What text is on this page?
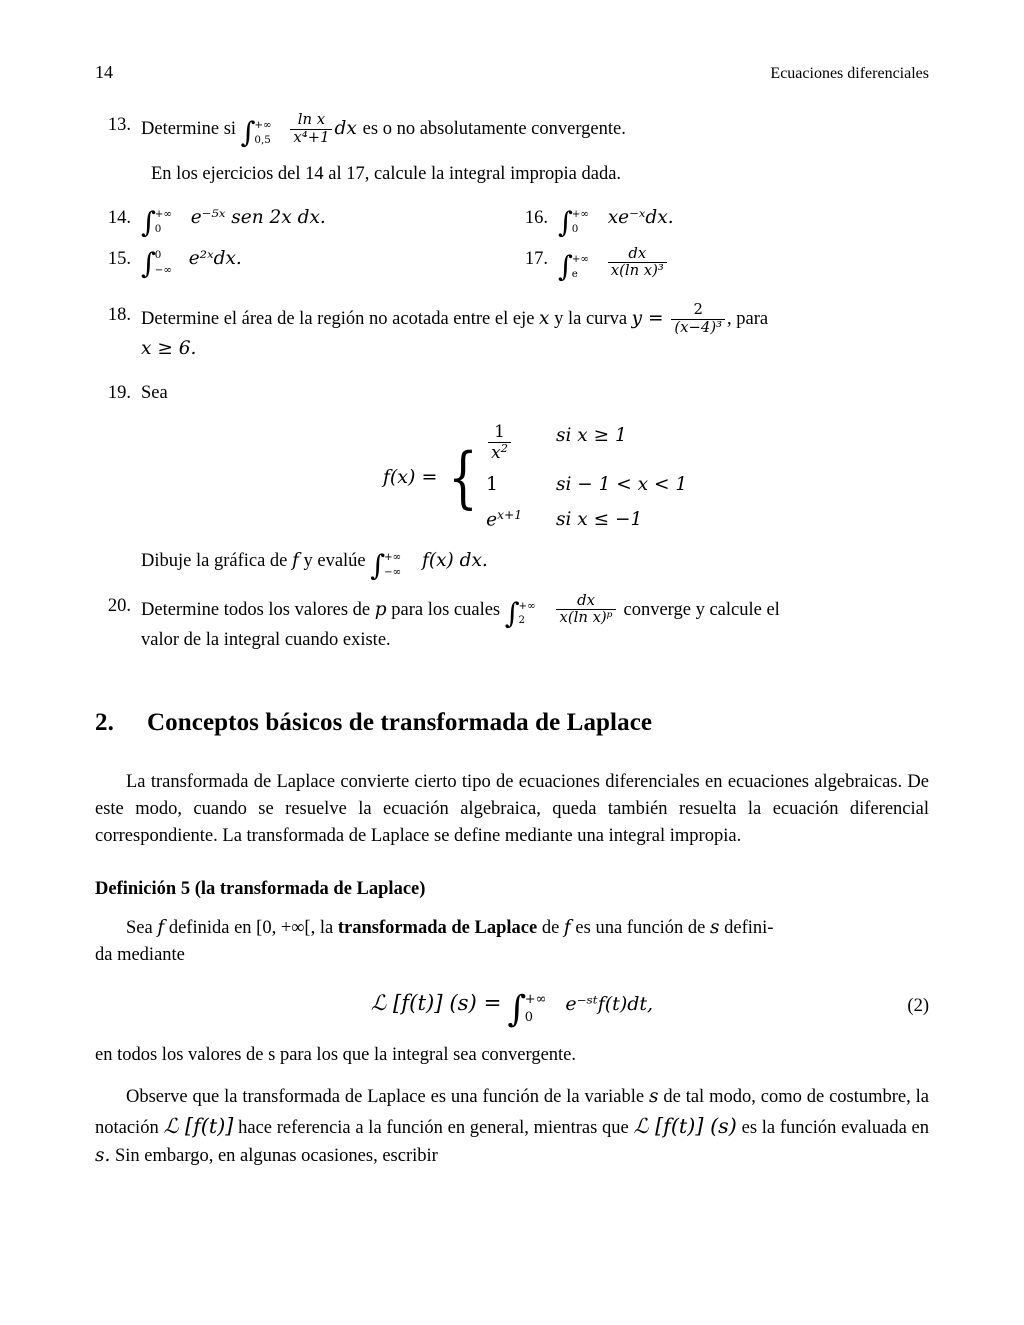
14	Ecuaciones diferenciales
13. Determine si ∫
+∞
0,5
$\frac{\text{ln x}}{\text{x⁴+1}}$ dx es o no absolutamente convergente.
En los ejercicios del 14 al 17, calcule la integral impropia dada.
14. ∫
+∞
0
e⁻⁵ˣ sen 2x dx.	16. ∫
+∞
0
xe⁻ˣdx.
15. ∫
0
−∞
e²ˣdx.	17. ∫
+∞
e
$\frac{dx}{\text{x(ln x)³}}$
18. Determine el área de la región no acotada entre el eje x y la curva $y = \frac{2}{\text{(x−4)³}}$ , para
x ≥ 6.
19. Sea
f(x) = { $\frac{1}{x^2}$ si x ≥ 1
1	si − 1 < x < 1
$e^{x+1}$ si x ≤ −1
Dibuje la gráfica de f y evalúe ∫
+∞
−∞
f(x) dx.
20. Determine todos los valores de p para los cuales ∫
+∞
2
$\frac{dx}{\text{x(ln x)ᵖ}}$ converge y calcule el
valor de la integral cuando existe.
2.	Conceptos básicos de transformada de Laplace

La transformada de Laplace convierte cierto tipo de ecuaciones diferenciales en ecuaciones algebraicas. De este modo, cuando se resuelve la ecuación algebraica, queda también resuelta la ecuación diferencial correspondiente. La transformada de Laplace se define mediante una integral impropia.

Definición 5 (la transformada de Laplace)

Sea f definida en [0, +∞[, la transformada de Laplace de f es una función de s defini-

da mediante

ℒ [f(t)] (s) = ∫
+∞
0
e⁻ˢᵗf(t)dt,	(2)

en todos los valores de s para los que la integral sea convergente.

Observe que la transformada de Laplace es una función de la variable s de tal modo, como de costumbre, la notación ℒ [f(t)] hace referencia a la función en general, mientras que ℒ [f(t)] (s) es la función evaluada en s. Sin embargo, en algunas ocasiones, escribir
